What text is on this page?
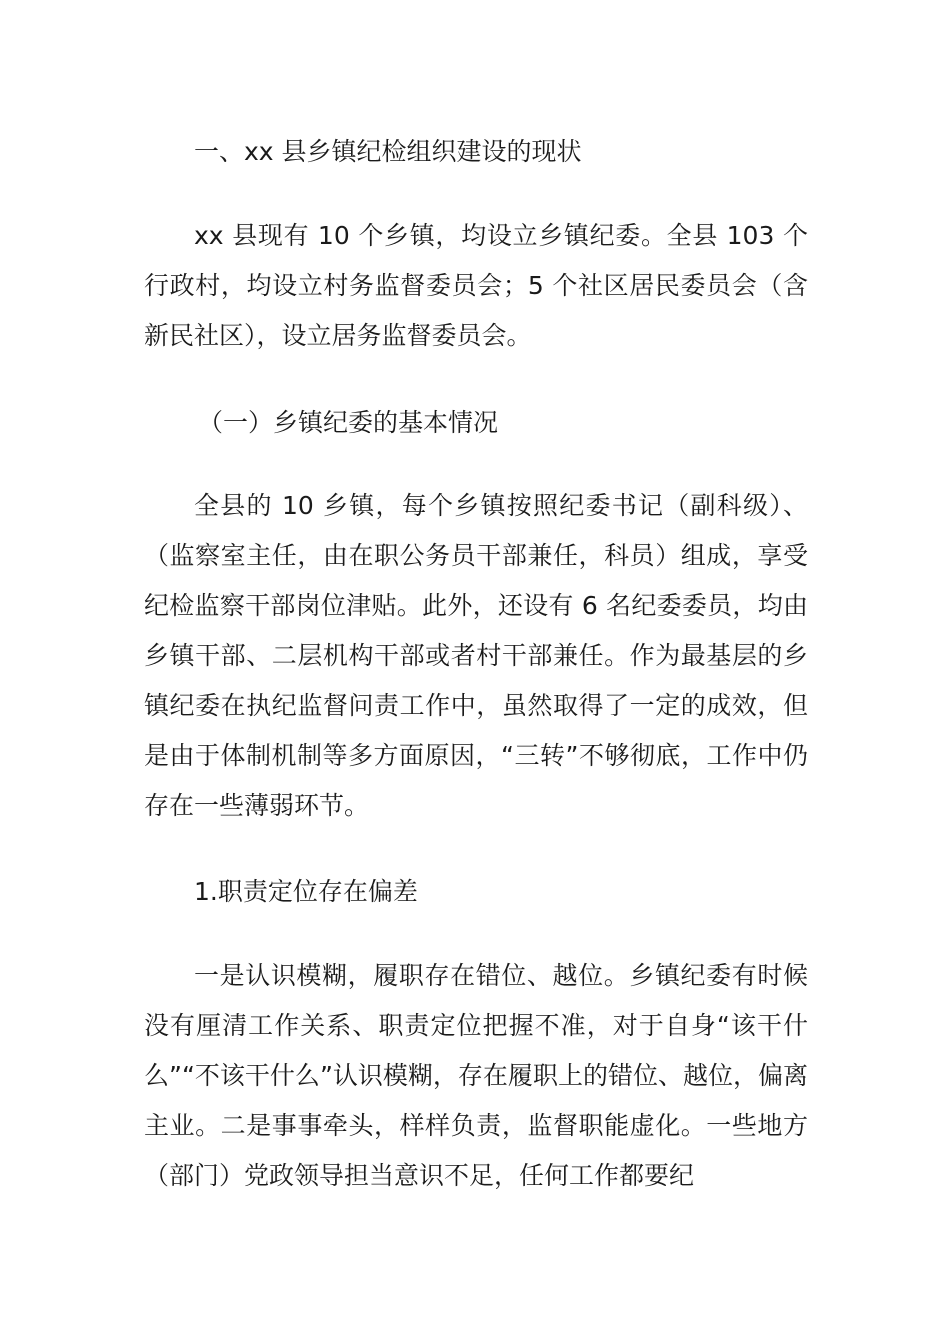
一、xx 县乡镇纪检组织建设的现状

xx 县现有 10 个乡镇，均设立乡镇纪委。全县 103 个行政村，均设立村务监督委员会；5 个社区居民委员会（含新民社区），设立居务监督委员会。

（一）乡镇纪委的基本情况

全县的 10 乡镇，每个乡镇按照纪委书记（副科级）、（监察室主任，由在职公务员干部兼任，科员）组成，享受纪检监察干部岗位津贴。此外，还设有 6 名纪委委员，均由乡镇干部、二层机构干部或者村干部兼任。作为最基层的乡镇纪委在执纪监督问责工作中，虽然取得了一定的成效，但是由于体制机制等多方面原因，“三转”不够彻底，工作中仍存在一些薄弱环节。

1.职责定位存在偏差

一是认识模糊，履职存在错位、越位。乡镇纪委有时候没有厘清工作关系、职责定位把握不准，对于自身“该干什么”“不该干什么”认识模糊，存在履职上的错位、越位，偏离主业。二是事事牵头，样样负责，监督职能虚化。一些地方（部门）党政领导担当意识不足，任何工作都要纪
